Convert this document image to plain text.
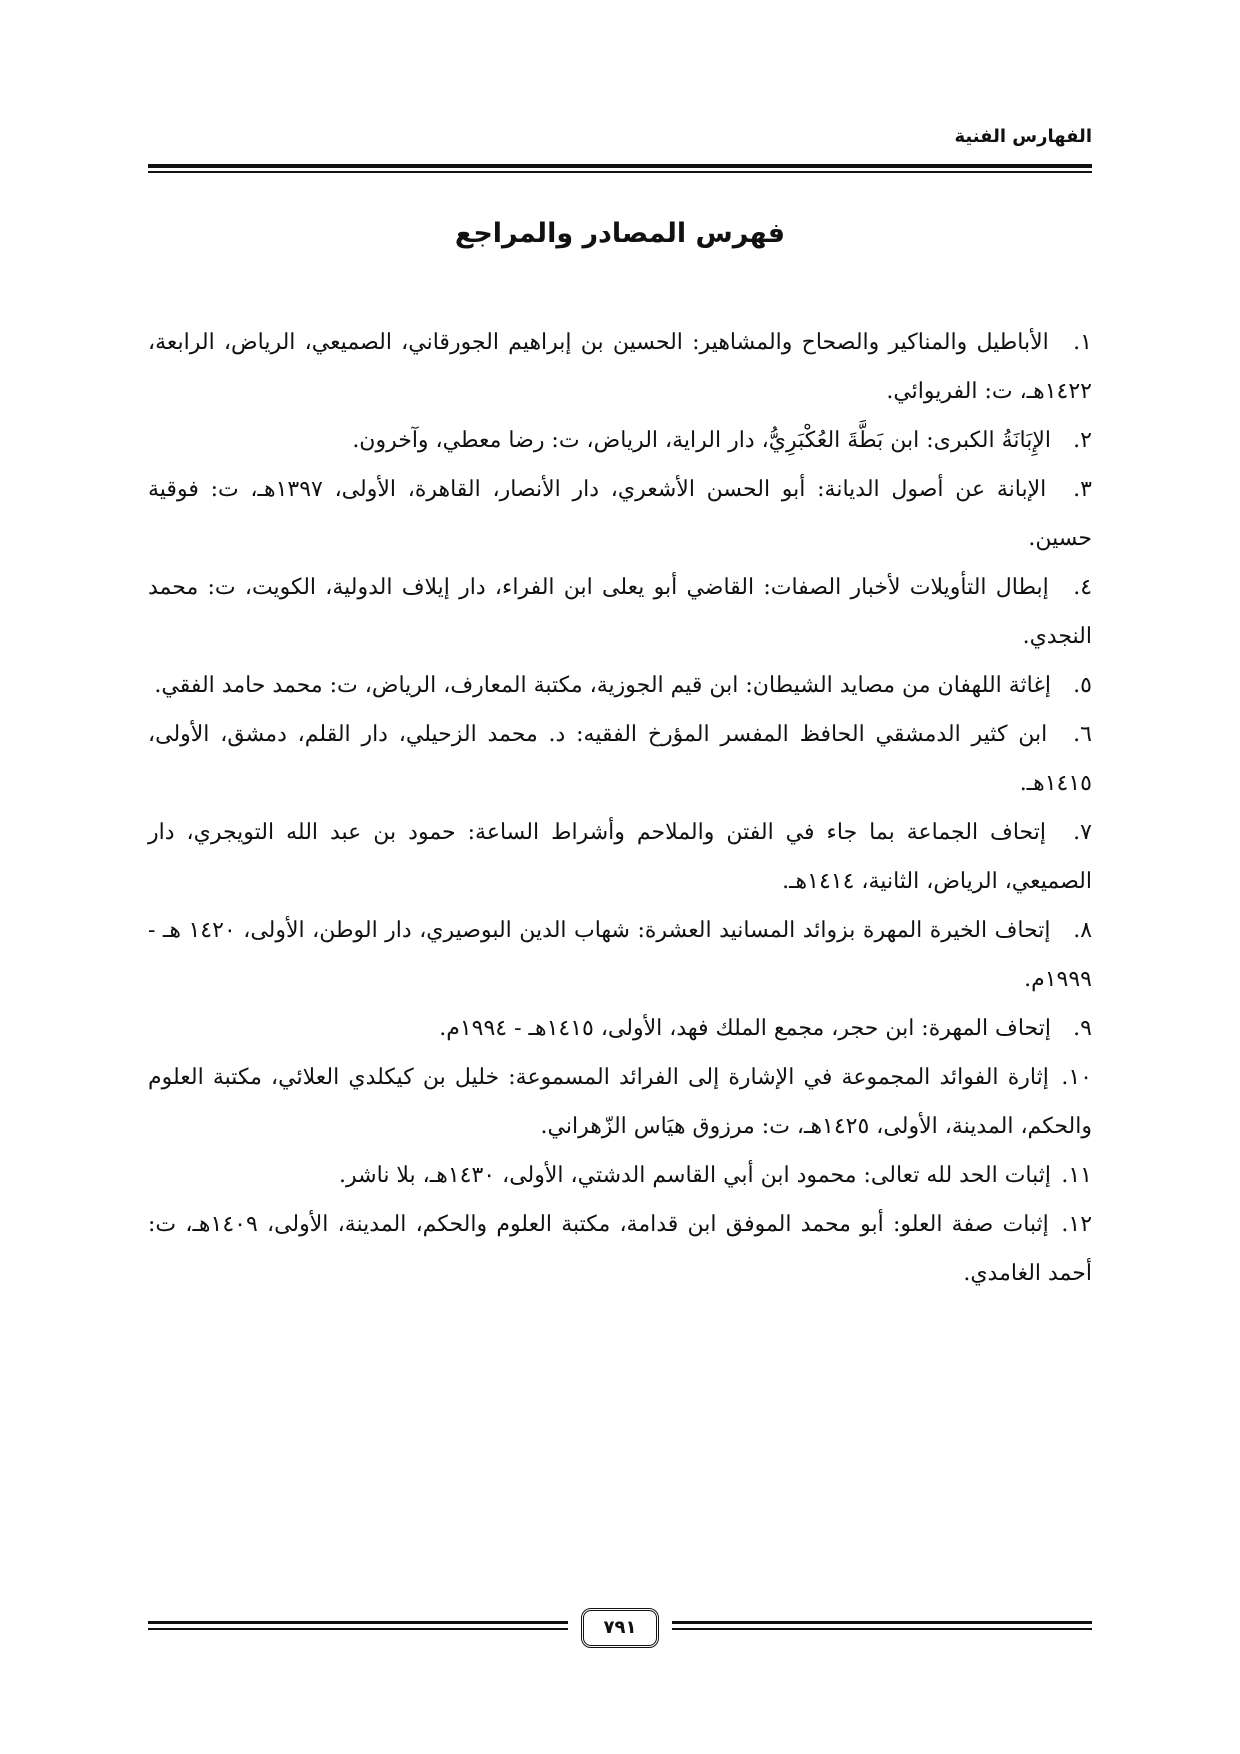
الفهارس الفنية
فهرس المصادر والمراجع
١. الأباطيل والمناكير والصحاح والمشاهير: الحسين بن إبراهيم الجورقاني، الصميعي، الرياض، الرابعة، ١٤٢٢هـ، ت: الفريوائي.
٢. الإِبَانَةُ الكبرى: ابن بَطَّةَ العُكْبَرِيُّ، دار الراية، الرياض، ت: رضا معطي، وآخرون.
٣. الإبانة عن أصول الديانة: أبو الحسن الأشعري، دار الأنصار، القاهرة، الأولى، ١٣٩٧هـ، ت: فوقية حسين.
٤. إبطال التأويلات لأخبار الصفات: القاضي أبو يعلى ابن الفراء، دار إيلاف الدولية، الكويت، ت: محمد النجدي.
٥. إغاثة اللهفان من مصايد الشيطان: ابن قيم الجوزية، مكتبة المعارف، الرياض، ت: محمد حامد الفقي.
٦. ابن كثير الدمشقي الحافظ المفسر المؤرخ الفقيه: د. محمد الزحيلي، دار القلم، دمشق، الأولى، ١٤١٥هـ.
٧. إتحاف الجماعة بما جاء في الفتن والملاحم وأشراط الساعة: حمود بن عبد الله التويجري، دار الصميعي، الرياض، الثانية، ١٤١٤هـ.
٨. إتحاف الخيرة المهرة بزوائد المسانيد العشرة: شهاب الدين البوصيري، دار الوطن، الأولى، ١٤٢٠ هـ - ١٩٩٩م.
٩. إتحاف المهرة: ابن حجر، مجمع الملك فهد، الأولى، ١٤١٥هـ - ١٩٩٤م.
١٠. إثارة الفوائد المجموعة في الإشارة إلى الفرائد المسموعة: خليل بن كيكلدي العلائي، مكتبة العلوم والحكم، المدينة، الأولى، ١٤٢٥هـ، ت: مرزوق هيَاس الزّهراني.
١١. إثبات الحد لله تعالى: محمود ابن أبي القاسم الدشتي، الأولى، ١٤٣٠هـ، بلا ناشر.
١٢. إثبات صفة العلو: أبو محمد الموفق ابن قدامة، مكتبة العلوم والحكم، المدينة، الأولى، ١٤٠٩هـ، ت: أحمد الغامدي.
٧٩١
